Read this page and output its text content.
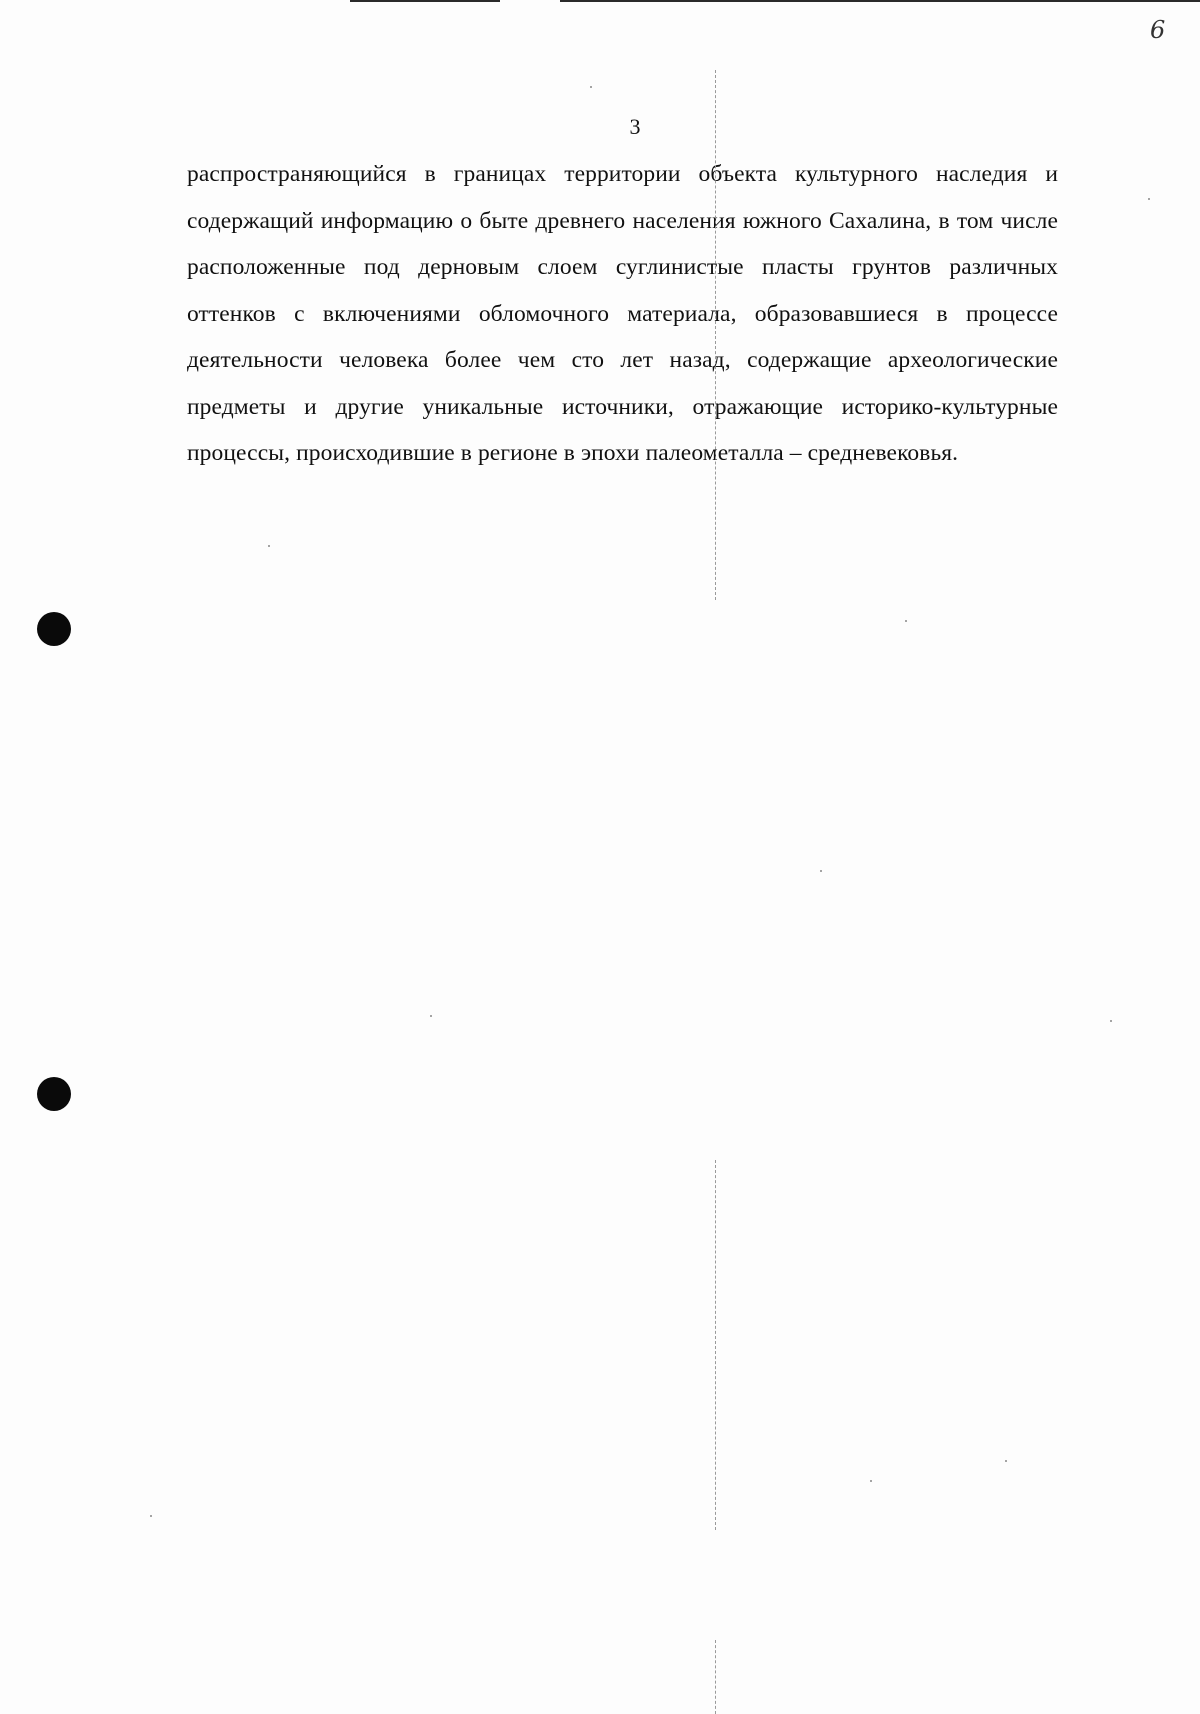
6
3

распространяющийся в границах территории объекта культурного наследия и содержащий информацию о быте древнего населения южного Сахалина, в том числе расположенные под дерновым слоем суглинистые пласты грунтов различных оттенков с включениями обломочного материала, образовавшиеся в процессе деятельности человека более чем сто лет назад, содержащие археологические предметы и другие уникальные источники, отражающие историко-культурные процессы, происходившие в регионе в эпохи палеометалла – средневековья.
